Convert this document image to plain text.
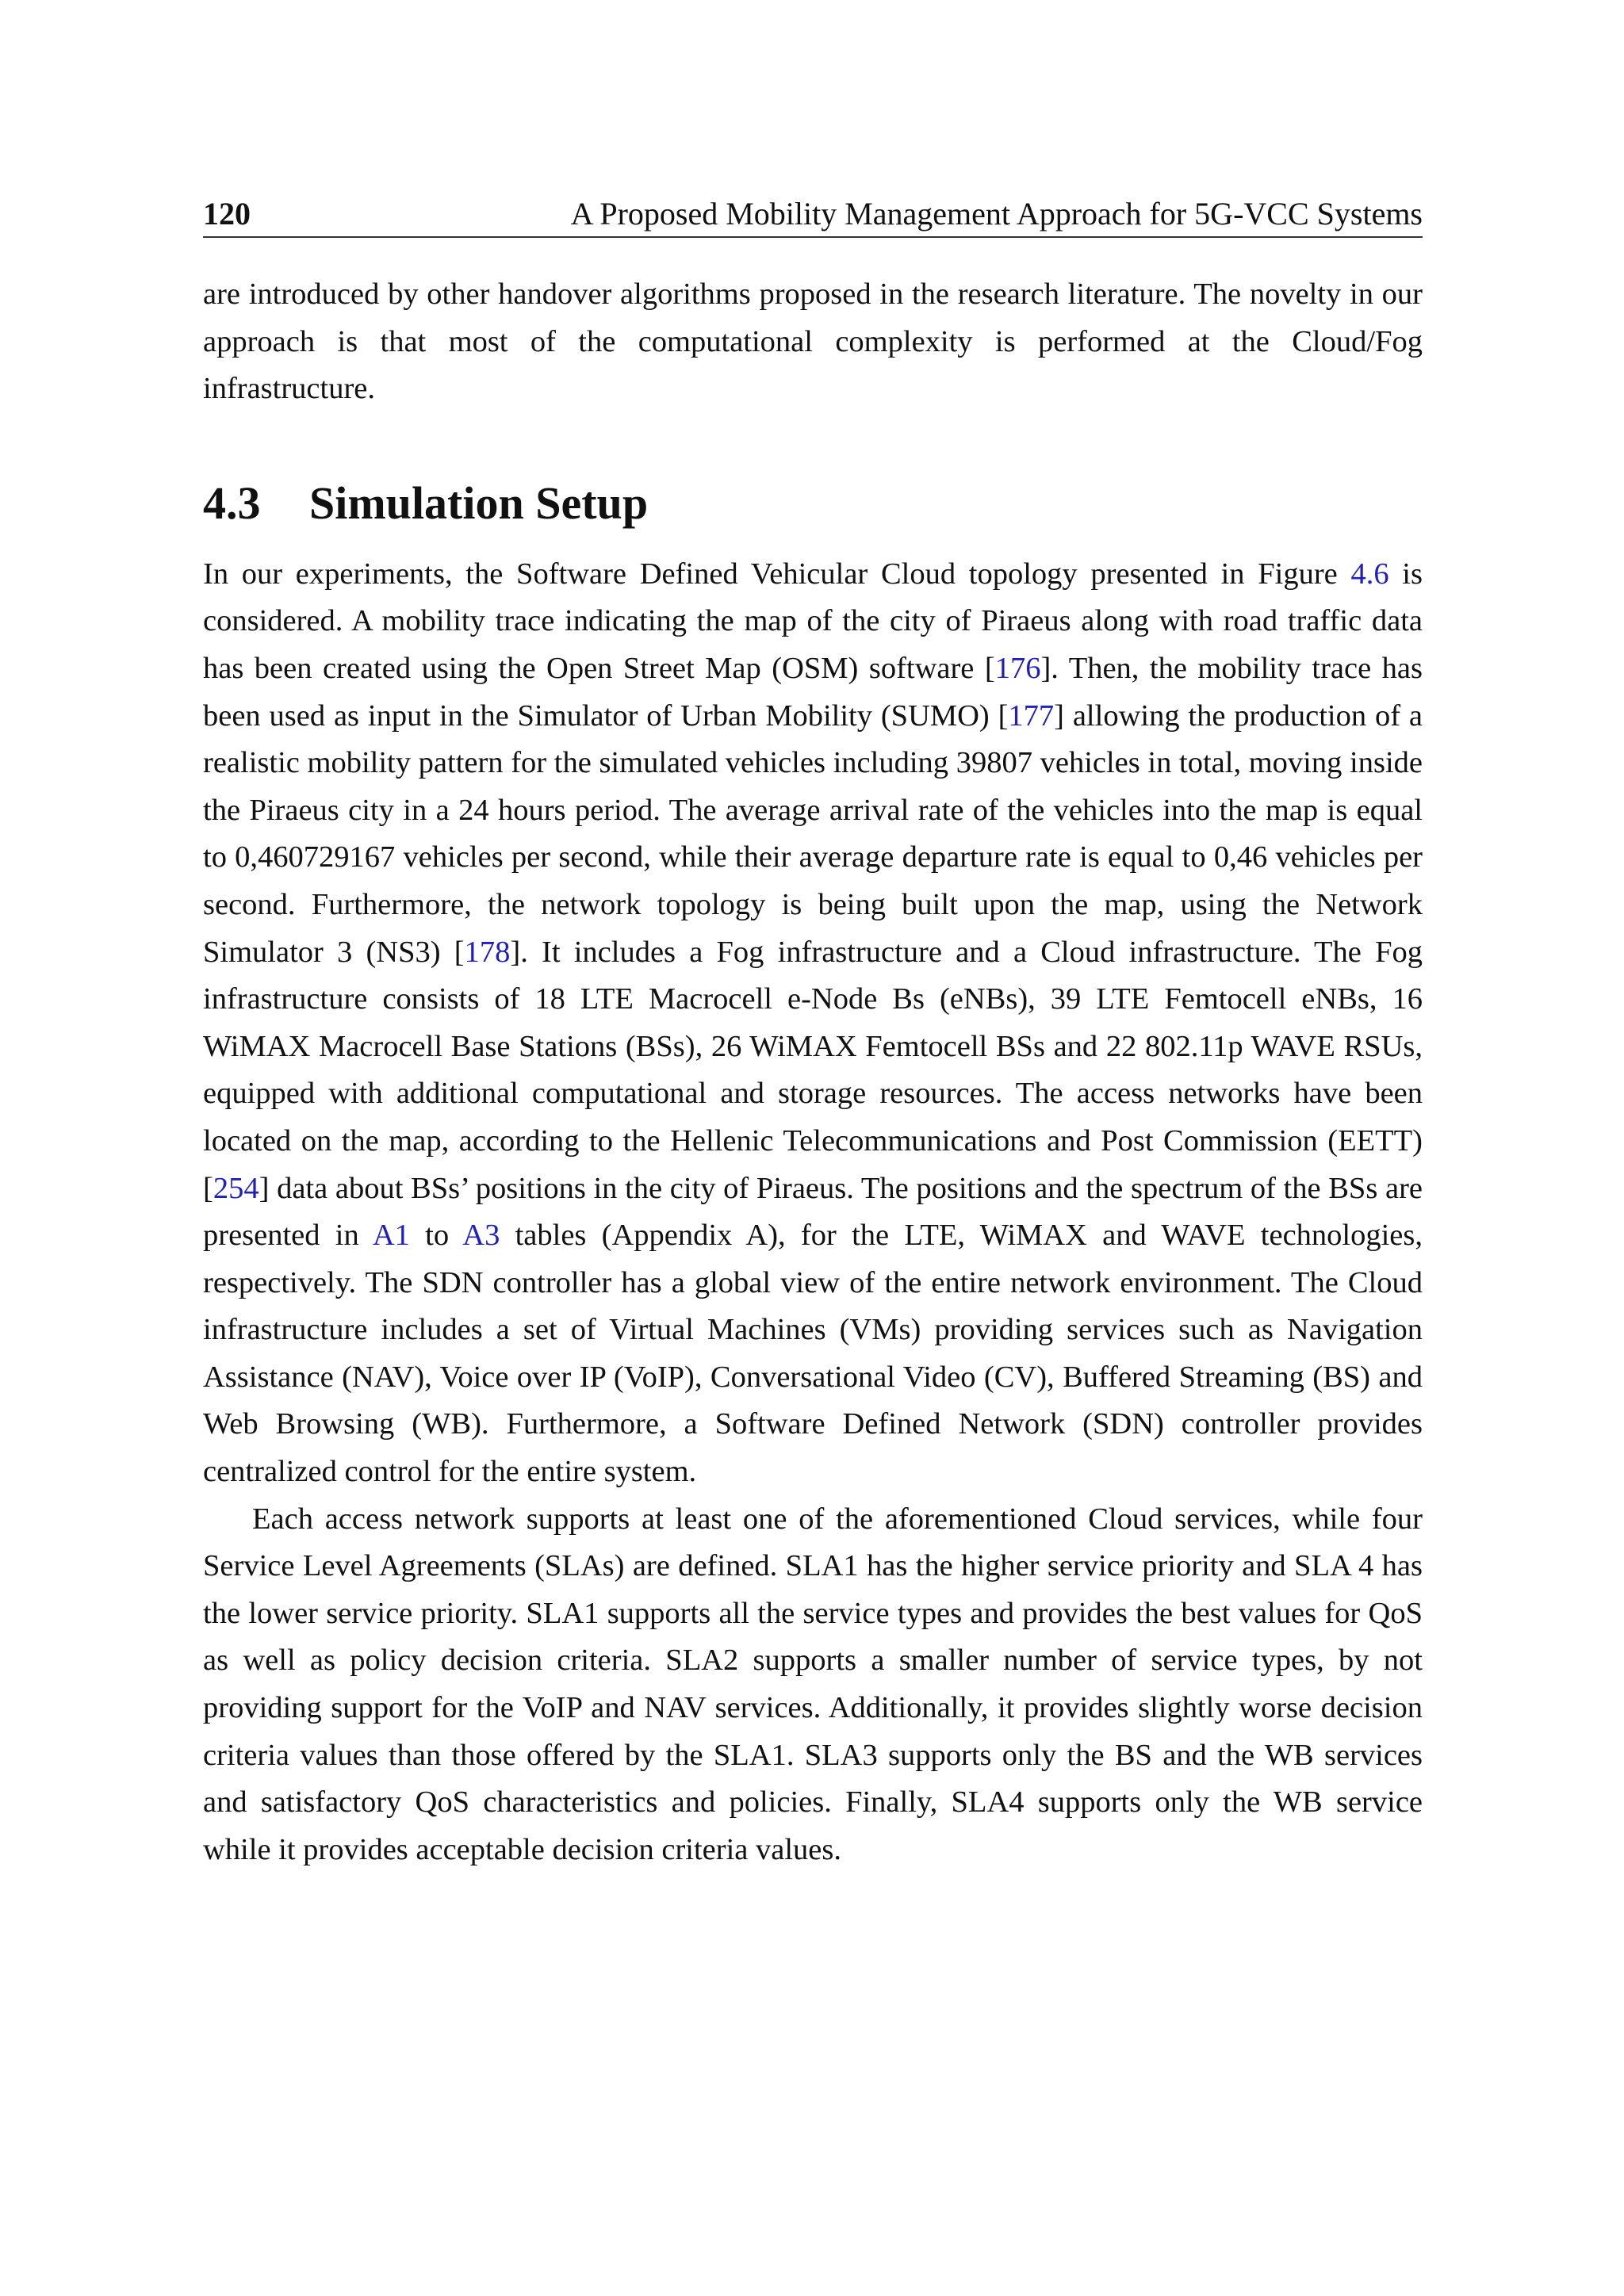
120	A Proposed Mobility Management Approach for 5G-VCC Systems

are introduced by other handover algorithms proposed in the research literature. The novelty in our approach is that most of the computational complexity is performed at the Cloud/Fog infrastructure.

4.3 Simulation Setup

In our experiments, the Software Defined Vehicular Cloud topology presented in Figure 4.6 is considered. A mobility trace indicating the map of the city of Piraeus along with road traffic data has been created using the Open Street Map (OSM) software [176]. Then, the mobility trace has been used as input in the Simulator of Urban Mobility (SUMO) [177] allowing the production of a realistic mobility pattern for the simulated vehicles including 39807 vehicles in total, moving inside the Piraeus city in a 24 hours period. The average arrival rate of the vehicles into the map is equal to 0,460729167 vehicles per second, while their average departure rate is equal to 0,46 vehicles per second. Furthermore, the network topology is being built upon the map, using the Network Simulator 3 (NS3) [178]. It includes a Fog infrastructure and a Cloud infrastructure. The Fog infrastructure consists of 18 LTE Macrocell e-Node Bs (eNBs), 39 LTE Femtocell eNBs, 16 WiMAX Macrocell Base Stations (BSs), 26 WiMAX Femtocell BSs and 22 802.11p WAVE RSUs, equipped with additional computational and storage resources. The access networks have been located on the map, according to the Hellenic Telecommunications and Post Commission (EETT) [254] data about BSs’ positions in the city of Piraeus. The positions and the spectrum of the BSs are presented in A1 to A3 tables (Appendix A), for the LTE, WiMAX and WAVE technologies, respectively. The SDN controller has a global view of the entire network environment. The Cloud infrastructure includes a set of Virtual Machines (VMs) providing services such as Navigation Assistance (NAV), Voice over IP (VoIP), Conversational Video (CV), Buffered Streaming (BS) and Web Browsing (WB). Furthermore, a Software Defined Network (SDN) controller provides centralized control for the entire system.

Each access network supports at least one of the aforementioned Cloud services, while four Service Level Agreements (SLAs) are defined. SLA1 has the higher service priority and SLA 4 has the lower service priority. SLA1 supports all the service types and provides the best values for QoS as well as policy decision criteria. SLA2 supports a smaller number of service types, by not providing support for the VoIP and NAV services. Additionally, it provides slightly worse decision criteria values than those offered by the SLA1. SLA3 supports only the BS and the WB services and satisfactory QoS characteristics and policies. Finally, SLA4 supports only the WB service while it provides acceptable decision criteria values.
